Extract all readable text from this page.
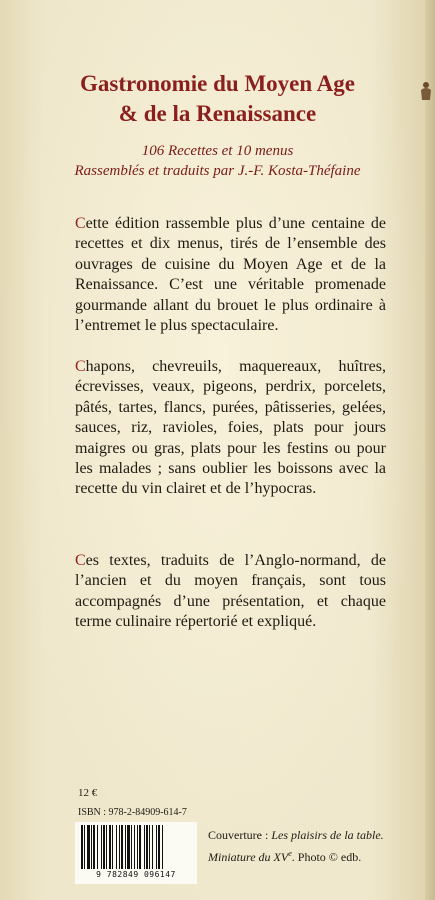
Gastronomie du Moyen Age
& de la Renaissance
106 Recettes et 10 menus
Rassemblés et traduits par J.-F. Kosta-Théfaine

Cette édition rassemble plus d’une centaine de recettes et dix menus, tirés de l’ensemble des ouvrages de cuisine du Moyen Age et de la Renaissance. C’est une véritable promenade gourmande allant du brouet le plus ordinaire à l’entremet le plus spectaculaire.

Chapons, chevreuils, maquereaux, huîtres, écrevisses, veaux, pigeons, perdrix, porcelets, pâtés, tartes, flancs, purées, pâtisseries, gelées, sauces, riz, ravioles, foies, plats pour jours maigres ou gras, plats pour les festins ou pour les malades ; sans oublier les boissons avec la recette du vin clairet et de l’hypocras.

Ces textes, traduits de l’Anglo-normand, de l’ancien et du moyen français, sont tous accompagnés d’une présentation, et chaque terme culinaire répertorié et expliqué.

12 €
ISBN : 978-2-84909-614-7
9 782849 096147
Couverture : Les plaisirs de la table.
Miniature du XVe. Photo © edb.
